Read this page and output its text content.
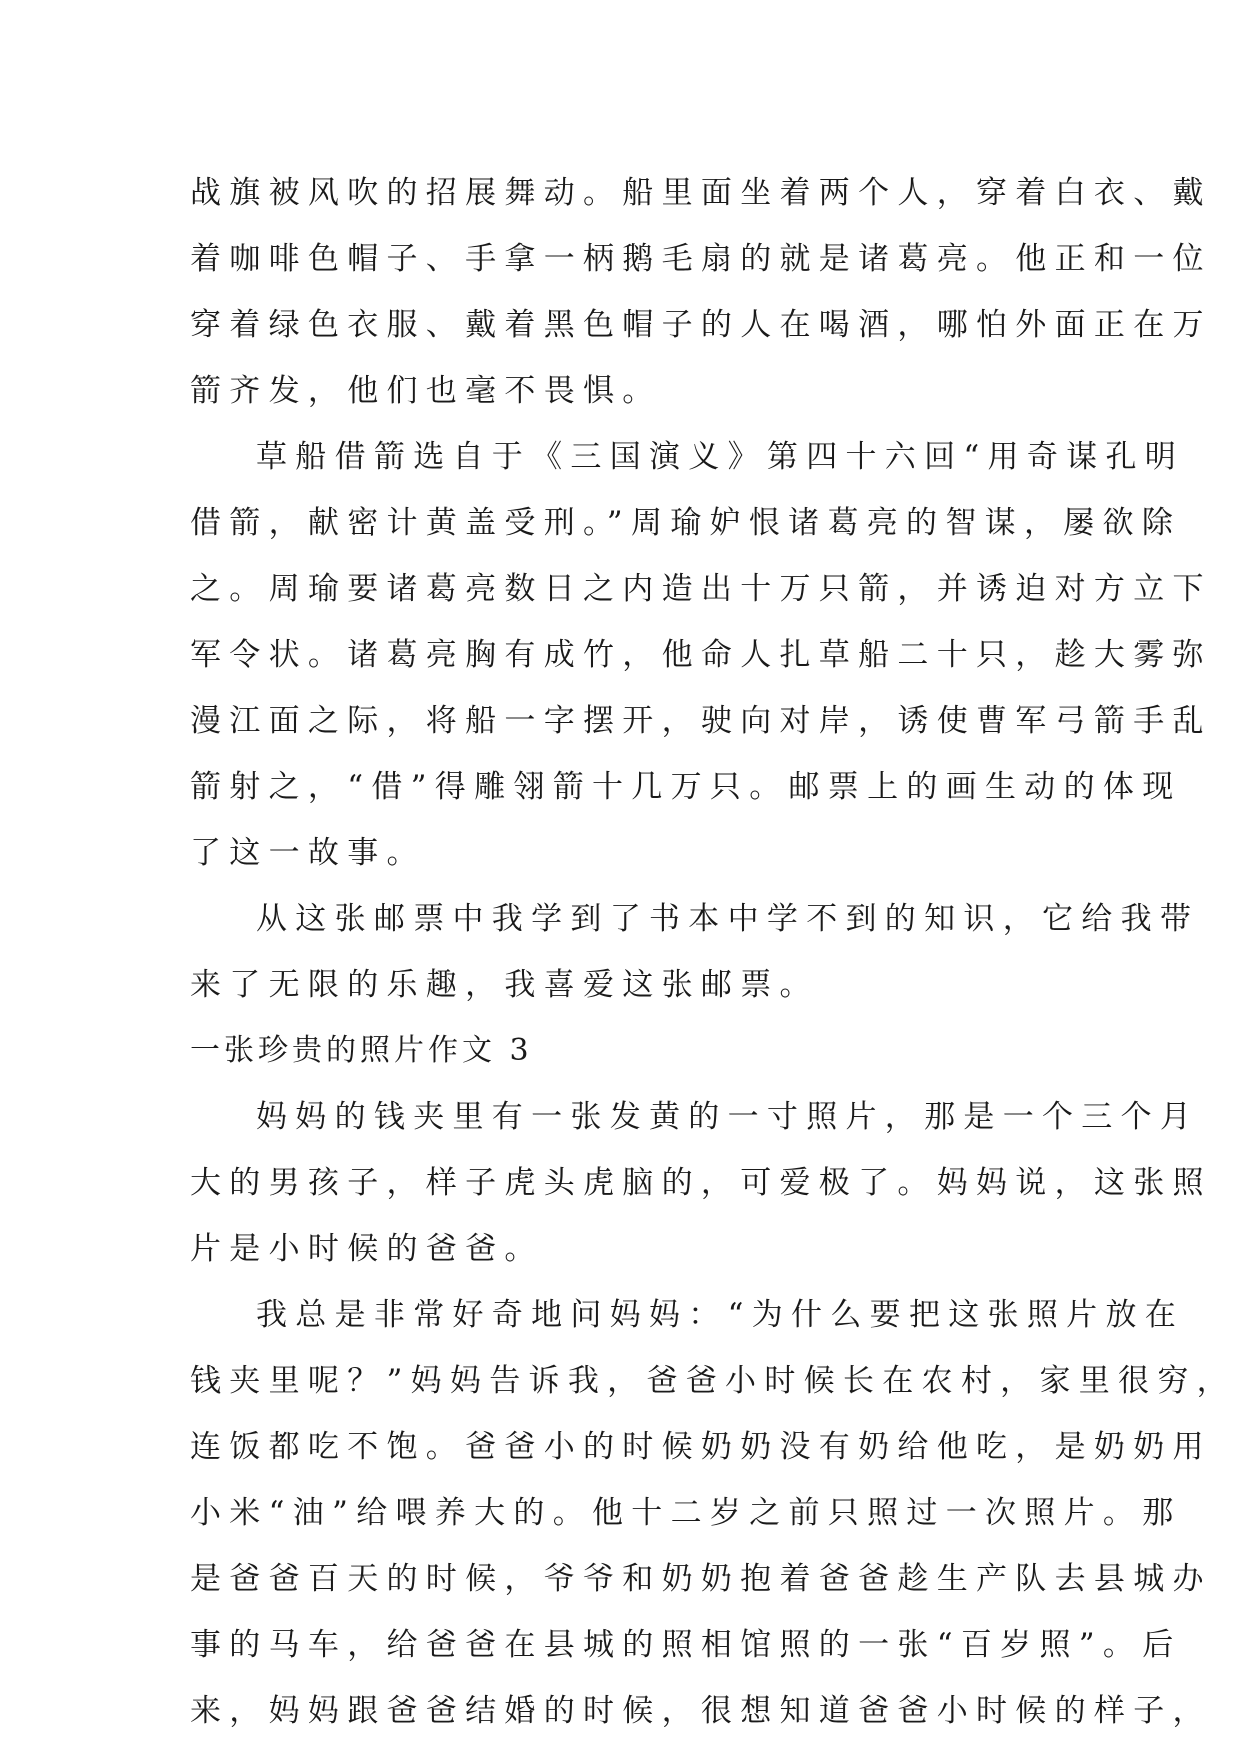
战旗被风吹的招展舞动。船里面坐着两个人，穿着白衣、戴
着咖啡色帽子、手拿一柄鹅毛扇的就是诸葛亮。他正和一位
穿着绿色衣服、戴着黑色帽子的人在喝酒，哪怕外面正在万
箭齐发，他们也毫不畏惧。
草船借箭选自于《三国演义》第四十六回“用奇谋孔明
借箭，献密计黄盖受刑。”周瑜妒恨诸葛亮的智谋，屡欲除
之。周瑜要诸葛亮数日之内造出十万只箭，并诱迫对方立下
军令状。诸葛亮胸有成竹，他命人扎草船二十只，趁大雾弥
漫江面之际，将船一字摆开，驶向对岸，诱使曹军弓箭手乱
箭射之，“借”得雕翎箭十几万只。邮票上的画生动的体现
了这一故事。
从这张邮票中我学到了书本中学不到的知识，它给我带
来了无限的乐趣，我喜爱这张邮票。
一张珍贵的照片作文 3
妈妈的钱夹里有一张发黄的一寸照片，那是一个三个月
大的男孩子，样子虎头虎脑的，可爱极了。妈妈说，这张照
片是小时候的爸爸。
我总是非常好奇地问妈妈：“为什么要把这张照片放在
钱夹里呢？”妈妈告诉我，爸爸小时候长在农村，家里很穷，
连饭都吃不饱。爸爸小的时候奶奶没有奶给他吃，是奶奶用
小米“油”给喂养大的。他十二岁之前只照过一次照片。那
是爸爸百天的时候，爷爷和奶奶抱着爸爸趁生产队去县城办
事的马车，给爸爸在县城的照相馆照的一张“百岁照”。后
来，妈妈跟爸爸结婚的时候，很想知道爸爸小时候的样子，
